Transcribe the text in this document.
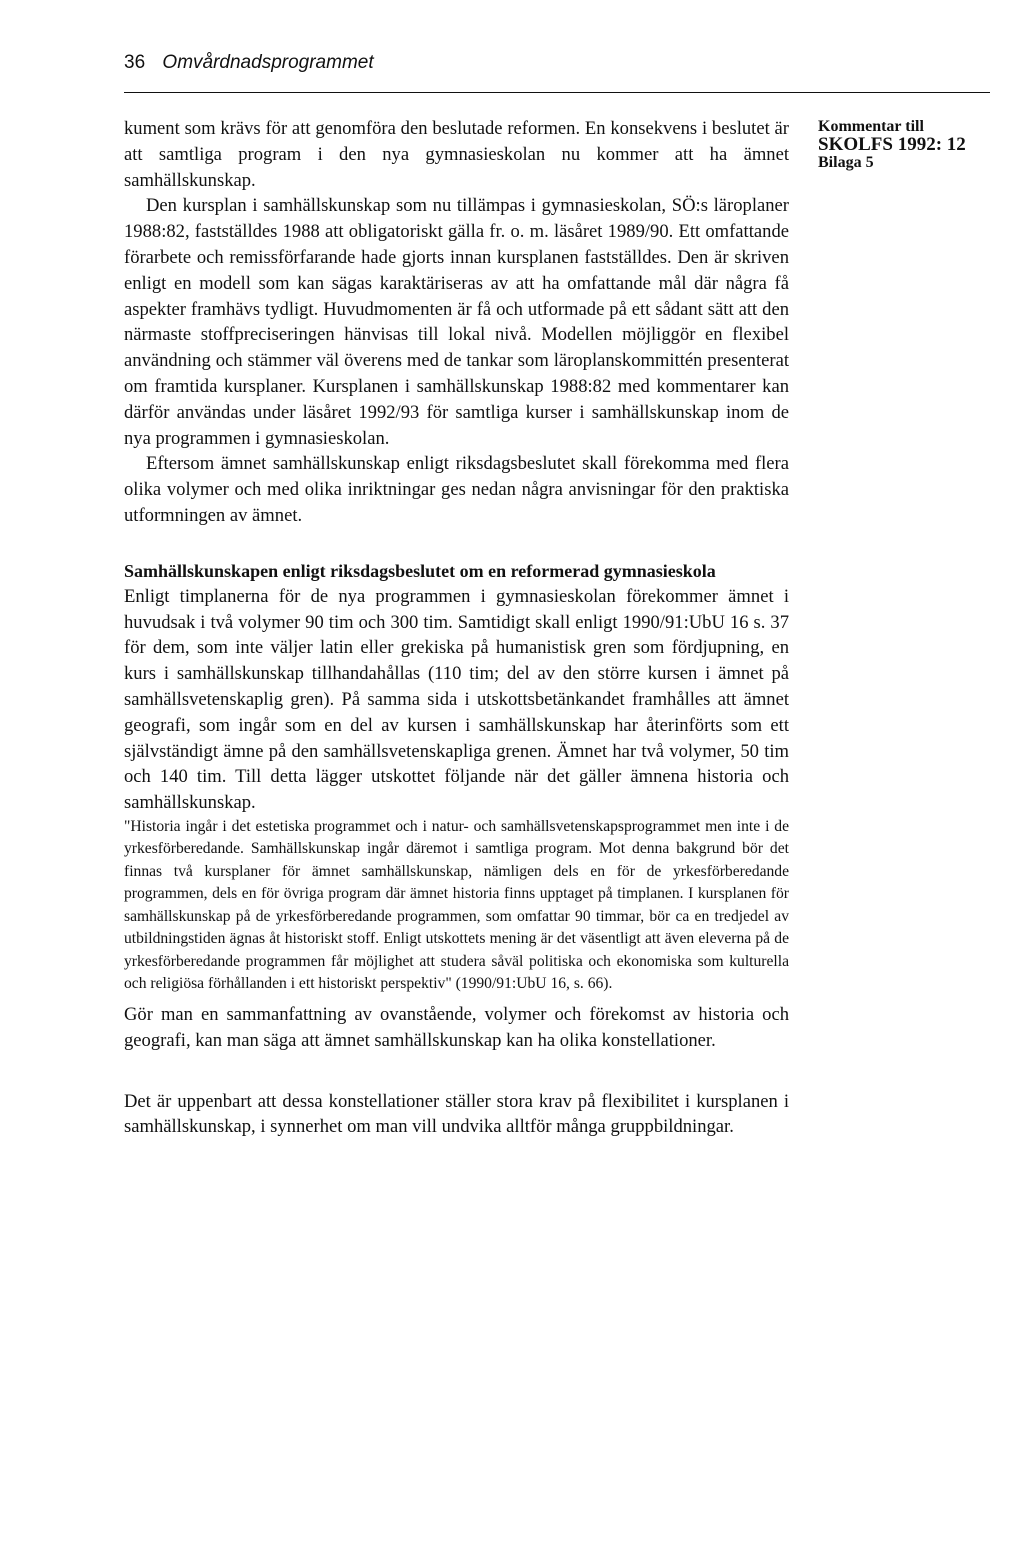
36 Omvårdnadsprogrammet
Kommentar till
SKOLFS 1992: 12
Bilaga 5

kument som krävs för att genomföra den beslutade reformen. En konsekvens i beslutet är att samtliga program i den nya gymnasieskolan nu kommer att ha ämnet samhällskunskap.

Den kursplan i samhällskunskap som nu tillämpas i gymnasieskolan, SÖ:s läroplaner 1988:82, fastställdes 1988 att obligatoriskt gälla fr. o. m. läsåret 1989/90. Ett omfattande förarbete och remissförfarande hade gjorts innan kursplanen fastställdes. Den är skriven enligt en modell som kan sägas karaktäriseras av att ha omfattande mål där några få aspekter framhävs tydligt. Huvudmomenten är få och utformade på ett sådant sätt att den närmaste stoffpreciseringen hänvisas till lokal nivå. Modellen möjliggör en flexibel användning och stämmer väl överens med de tankar som läroplanskommittén presenterat om framtida kursplaner. Kursplanen i samhällskunskap 1988:82 med kommentarer kan därför användas under läsåret 1992/93 för samtliga kurser i samhällskunskap inom de nya programmen i gymnasieskolan.

Eftersom ämnet samhällskunskap enligt riksdagsbeslutet skall förekomma med flera olika volymer och med olika inriktningar ges nedan några anvisningar för den praktiska utformningen av ämnet.

Samhällskunskapen enligt riksdagsbeslutet om en reformerad gymnasieskola

Enligt timplanerna för de nya programmen i gymnasieskolan förekommer ämnet i huvudsak i två volymer 90 tim och 300 tim. Samtidigt skall enligt 1990/91:UbU 16 s. 37 för dem, som inte väljer latin eller grekiska på humanistisk gren som fördjupning, en kurs i samhällskunskap tillhandahållas (110 tim; del av den större kursen i ämnet på samhällsvetenskaplig gren). På samma sida i utskottsbetänkandet framhålles att ämnet geografi, som ingår som en del av kursen i samhällskunskap har återinförts som ett självständigt ämne på den samhällsvetenskapliga grenen. Ämnet har två volymer, 50 tim och 140 tim. Till detta lägger utskottet följande när det gäller ämnena historia och samhällskunskap.

"Historia ingår i det estetiska programmet och i natur- och samhällsvetenskapsprogrammet men inte i de yrkesförberedande. Samhällskunskap ingår däremot i samtliga program. Mot denna bakgrund bör det finnas två kursplaner för ämnet samhällskunskap, nämligen dels en för de yrkesförberedande programmen, dels en för övriga program där ämnet historia finns upptaget på timplanen. I kursplanen för samhällskunskap på de yrkesförberedande programmen, som omfattar 90 timmar, bör ca en tredjedel av utbildningstiden ägnas åt historiskt stoff. Enligt utskottets mening är det väsentligt att även eleverna på de yrkesförberedande programmen får möjlighet att studera såväl politiska och ekonomiska som kulturella och religiösa förhållanden i ett historiskt perspektiv" (1990/91:UbU 16, s. 66).

Gör man en sammanfattning av ovanstående, volymer och förekomst av historia och geografi, kan man säga att ämnet samhällskunskap kan ha olika konstellationer.

Det är uppenbart att dessa konstellationer ställer stora krav på flexibilitet i kursplanen i samhällskunskap, i synnerhet om man vill undvika alltför många gruppbildningar.
